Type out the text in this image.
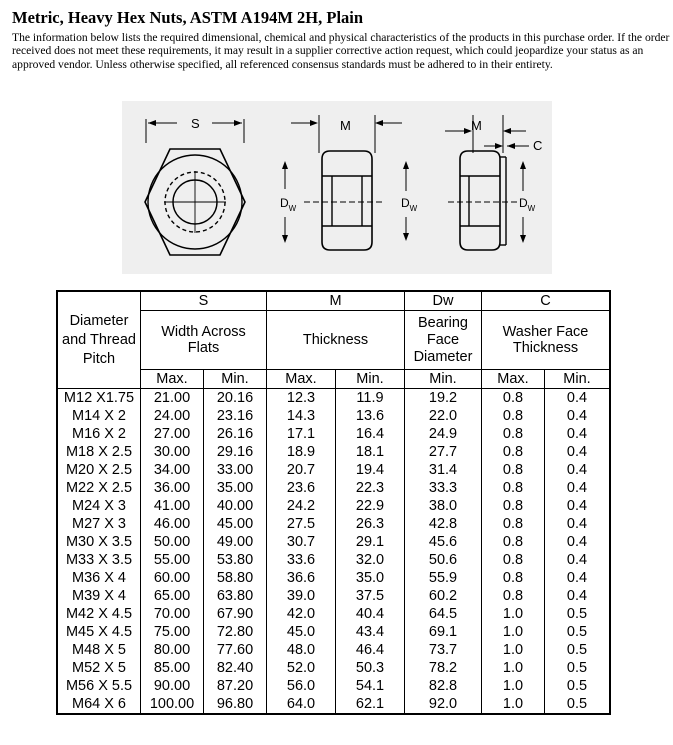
Metric, Heavy Hex Nuts, ASTM A194M 2H, Plain
The information below lists the required dimensional, chemical and physical characteristics of the products in this purchase order. If the order received does not meet these requirements, it may result in a supplier corrective action request, which could jeopardize your status as an approved vendor. Unless otherwise specified, all referenced consensus standards must be adhered to in their entirety.
S	M
$D_W$	$D_W$
M
C
$D_W$
Diameter and Thread Pitch	S		M		Dw	C	
	Width Across Flats		Thickness		Bearing Face Diameter	Washer Face Thickness	
	Max.	Min.	Max.	Min.	Min.	Max.	Min.
M12 X1.75	21.00	20.16	12.3	11.9	19.2	0.8	0.4
M14 X 2	24.00	23.16	14.3	13.6	22.0	0.8	0.4
M16 X 2	27.00	26.16	17.1	16.4	24.9	0.8	0.4
M18 X 2.5	30.00	29.16	18.9	18.1	27.7	0.8	0.4
M20 X 2.5	34.00	33.00	20.7	19.4	31.4	0.8	0.4
M22 X 2.5	36.00	35.00	23.6	22.3	33.3	0.8	0.4
M24 X 3	41.00	40.00	24.2	22.9	38.0	0.8	0.4
M27 X 3	46.00	45.00	27.5	26.3	42.8	0.8	0.4
M30 X 3.5	50.00	49.00	30.7	29.1	45.6	0.8	0.4
M33 X 3.5	55.00	53.80	33.6	32.0	50.6	0.8	0.4
M36 X 4	60.00	58.80	36.6	35.0	55.9	0.8	0.4
M39 X 4	65.00	63.80	39.0	37.5	60.2	0.8	0.4
M42 X 4.5	70.00	67.90	42.0	40.4	64.5	1.0	0.5
M45 X 4.5	75.00	72.80	45.0	43.4	69.1	1.0	0.5
M48 X 5	80.00	77.60	48.0	46.4	73.7	1.0	0.5
M52 X 5	85.00	82.40	52.0	50.3	78.2	1.0	0.5
M56 X 5.5	90.00	87.20	56.0	54.1	82.8	1.0	0.5
M64 X 6	100.00	96.80	64.0	62.1	92.0	1.0	0.5
